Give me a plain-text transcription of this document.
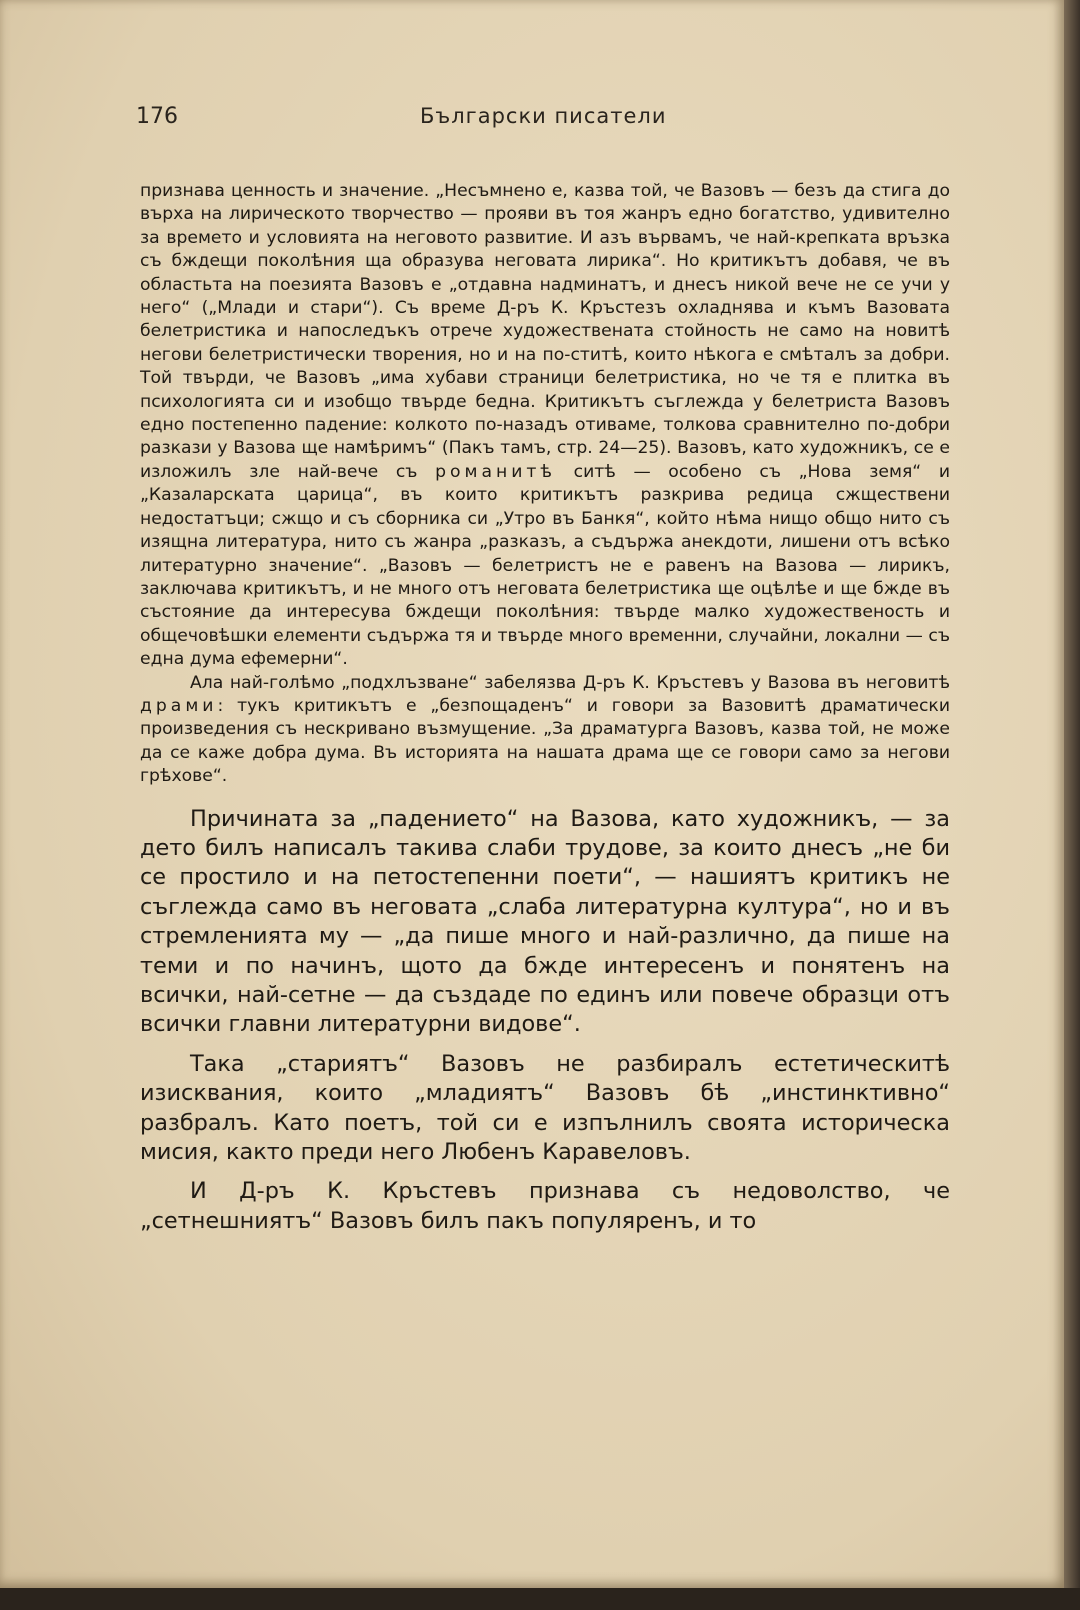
176	Български писатели

признава ценность и значение. „Несъмнено е, казва той, че Вазовъ — безъ да стига до върха на лирическото творчество — прояви въ тоя жанръ едно богатство, удивително за времето и условията на неговото развитие. И азъ вървамъ, че най-крепката връзка съ бждещи поколѣния ща образува неговата лирика“. Но критикътъ добавя, че въ областьта на поезията Вазовъ е „отдавна надминатъ, и днесъ никой вече не се учи у него“ („Млади и стари“). Съ време Д-ръ К. Кръстезъ охладнява и къмъ Вазовата белетристика и напоследъкъ отрече художествената стойность не само на новитѣ негови белетристически творения, но и на по-ститѣ, които нѣкога е смѣталъ за добри. Той твърди, че Вазовъ „има хубави страници белетристика, но че тя е плитка въ психологията си и изобщо твърде бедна. Критикътъ съглежда у белетриста Вазовъ едно постепенно падение: колкото по-назадъ отиваме, толкова сравнително по-добри разкази у Вазова ще намѣримъ“ (Пакъ тамъ, стр. 24—25). Вазовъ, като художникъ, се е изложилъ зле най-вече съ романитѣ ситѣ — особено съ „Нова земя“ и „Казаларската царица“, въ които критикътъ разкрива редица сжществени недостатъци; сжщо и съ сборника си „Утро въ Банкя“, който нѣма нищо общо нито съ изящна литература, нито съ жанра „разказъ, а съдържа анекдоти, лишени отъ всѣко литературно значение“. „Вазовъ — белетристъ не е равенъ на Вазова — лирикъ, заключава критикътъ, и не много отъ неговата белетристика ще оцѣлѣе и ще бжде въ състояние да интересува бждещи поколѣния: твърде малко художественость и общечовѣшки елементи съдържа тя и твърде много временни, случайни, локални — съ една дума ефемерни“.

Ала най-голѣмо „подхлъзване“ забелязва Д-ръ К. Кръстевъ у Вазова въ неговитѣ драми: тукъ критикътъ е „безпощаденъ“ и говори за Вазовитѣ драматически произведения съ нескривано възмущение. „За драматурга Вазовъ, казва той, не може да се каже добра дума. Въ историята на нашата драма ще се говори само за негови грѣхове“.

Причината за „падението“ на Вазова, като художникъ, — за дето билъ написалъ такива слаби трудове, за които днесъ „не би се простило и на петостепенни поети“, — нашиятъ критикъ не съглежда само въ неговата „слаба литературна култура“, но и въ стремленията му — „да пише много и най-различно, да пише на теми и по начинъ, щото да бжде интересенъ и понятенъ на всички, най-сетне — да създаде по единъ или повече образци отъ всички главни литературни видове“.

Така „стариятъ“ Вазовъ не разбиралъ естетическитѣ изисквания, които „младиятъ“ Вазовъ бѣ „инстинктивно“ разбралъ. Като поетъ, той си е изпълнилъ своята историческа мисия, както преди него Любенъ Каравеловъ.

И Д-ръ К. Кръстевъ признава съ недоволство, че „сетнешниятъ“ Вазовъ билъ пакъ популяренъ, и то
